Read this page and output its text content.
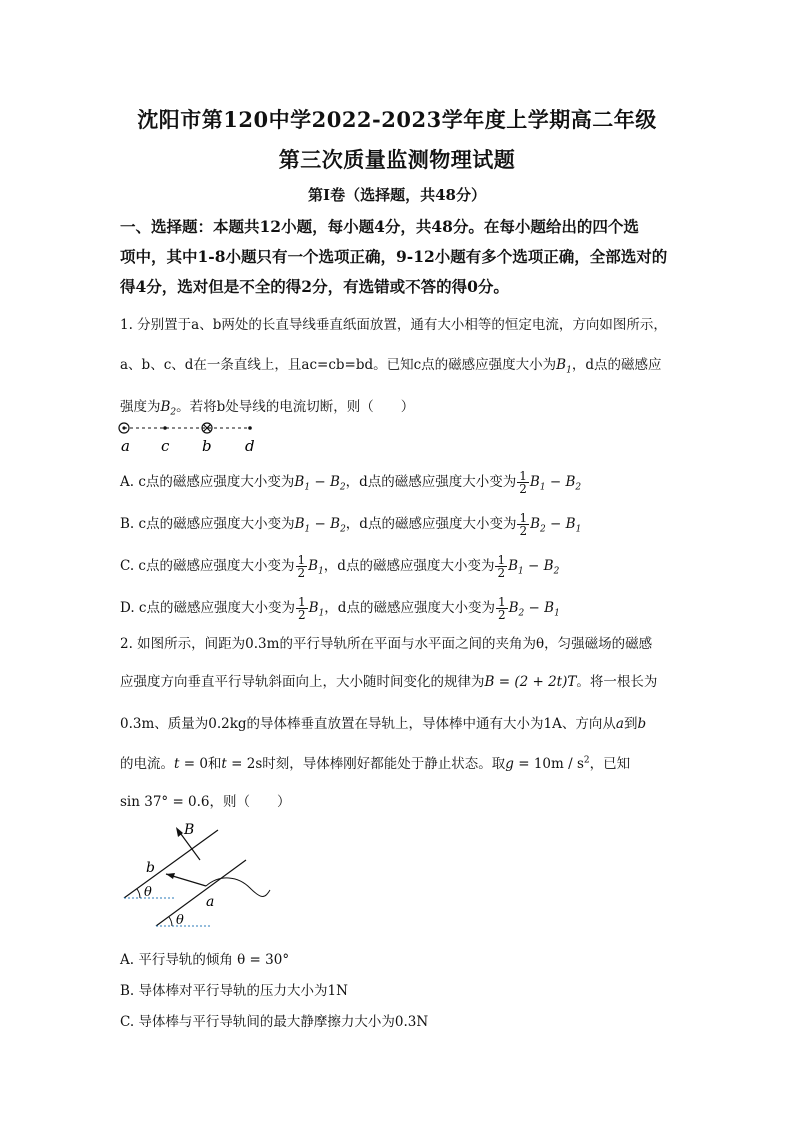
沈阳市第120中学2022-2023学年度上学期高二年级
第三次质量监测物理试题
第Ⅰ卷（选择题，共48分）
一、选择题：本题共12小题，每小题4分，共48分。在每小题给出的四个选
项中，其中1-8小题只有一个选项正确，9-12小题有多个选项正确，全部选对的
得4分，选对但是不全的得2分，有选错或不答的得0分。
1. 分别置于a、b两处的长直导线垂直纸面放置，通有大小相等的恒定电流，方向如图所示，
a、b、c、d在一条直线上，且ac=cb=bd。已知c点的磁感应强度大小为$B_1$，d点的磁感应
强度为$B_2$。若将b处导线的电流切断，则（　　）
a c b d
A. c点的磁感应强度大小变为$B_1 - B_2$，d点的磁感应强度大小变为 $\frac{1}{2} B_1 - B_2$
B. c点的磁感应强度大小变为$B_1 - B_2$，d点的磁感应强度大小变为 $\frac{1}{2} B_2 - B_1$
C. c点的磁感应强度大小变为 $\frac{1}{2} B_1$，d点的磁感应强度大小变为 $\frac{1}{2} B_1 - B_2$
D. c点的磁感应强度大小变为 $\frac{1}{2} B_1$，d点的磁感应强度大小变为 $\frac{1}{2} B_2 - B_1$
2. 如图所示，间距为0.3m的平行导轨所在平面与水平面之间的夹角为θ，匀强磁场的磁感
应强度方向垂直平行导轨斜面向上，大小随时间变化的规律为B = (2 + 2t)T。将一根长为
0.3m、质量为0.2kg的导体棒垂直放置在导轨上，导体棒中通有大小为1A、方向从a到b
的电流。t = 0和t = 2s时刻，导体棒刚好都能处于静止状态。取$g = 10m / s^2$，已知
sin 37° = 0.6，则（　　）
B
b
a
θ
θ
A. 平行导轨的倾角 θ = 30°
B. 导体棒对平行导轨的压力大小为1N
C. 导体棒与平行导轨间的最大静摩擦力大小为0.3N
